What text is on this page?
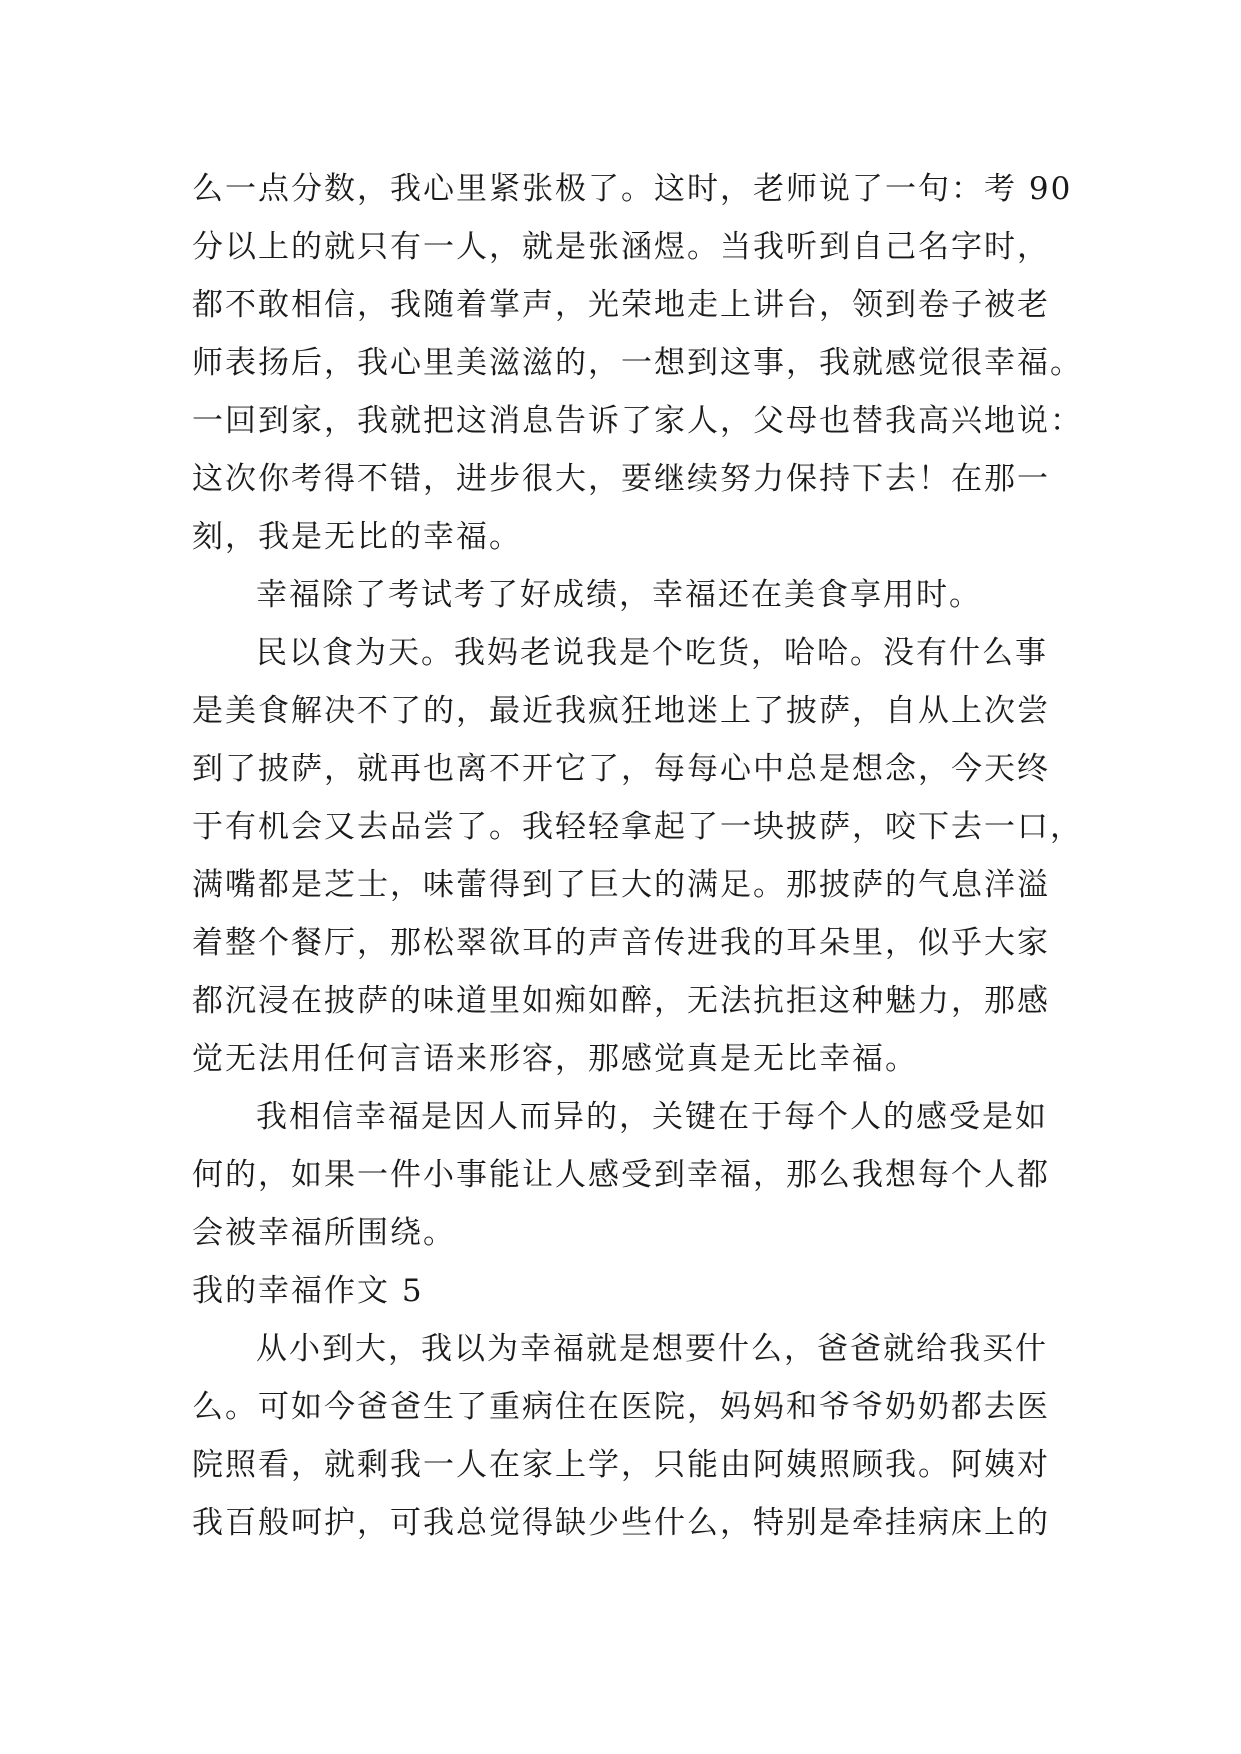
么一点分数，我心里紧张极了。这时，老师说了一句：考 90
分以上的就只有一人，就是张涵煜。当我听到自己名字时，
都不敢相信，我随着掌声，光荣地走上讲台，领到卷子被老
师表扬后，我心里美滋滋的，一想到这事，我就感觉很幸福。
一回到家，我就把这消息告诉了家人，父母也替我高兴地说：
这次你考得不错，进步很大，要继续努力保持下去！在那一
刻，我是无比的幸福。
幸福除了考试考了好成绩，幸福还在美食享用时。
民以食为天。我妈老说我是个吃货，哈哈。没有什么事
是美食解决不了的，最近我疯狂地迷上了披萨，自从上次尝
到了披萨，就再也离不开它了，每每心中总是想念，今天终
于有机会又去品尝了。我轻轻拿起了一块披萨，咬下去一口，
满嘴都是芝士，味蕾得到了巨大的满足。那披萨的气息洋溢
着整个餐厅，那松翠欲耳的声音传进我的耳朵里，似乎大家
都沉浸在披萨的味道里如痴如醉，无法抗拒这种魅力，那感
觉无法用任何言语来形容，那感觉真是无比幸福。
我相信幸福是因人而异的，关键在于每个人的感受是如
何的，如果一件小事能让人感受到幸福，那么我想每个人都
会被幸福所围绕。
我的幸福作文 5
从小到大，我以为幸福就是想要什么，爸爸就给我买什
么。可如今爸爸生了重病住在医院，妈妈和爷爷奶奶都去医
院照看，就剩我一人在家上学，只能由阿姨照顾我。阿姨对
我百般呵护，可我总觉得缺少些什么，特别是牵挂病床上的
